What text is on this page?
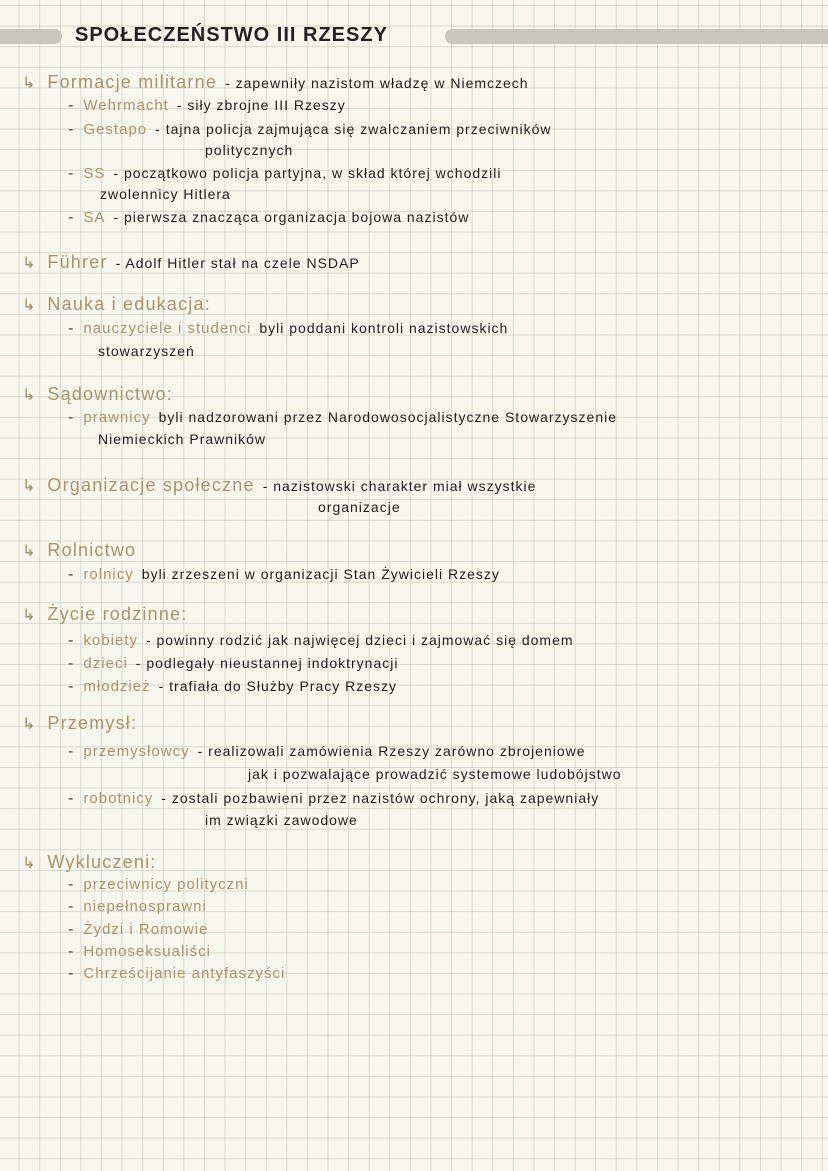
SPOŁECZEŃSTWO III RZESZY
↳ Formacje militarne - zapewniły nazistom władzę w Niemczech
- Wehrmacht - siły zbrojne III Rzeszy
- Gestapo - tajna policja zajmująca się zwalczaniem przeciwników
politycznych
- SS - początkowo policja partyjna, w skład której wchodzili
zwolennicy Hitlera
- SA - pierwsza znacząca organizacja bojowa nazistów
↳ Führer - Adolf Hitler stał na czele NSDAP
↳ Nauka i edukacja:
- nauczyciele i studenci byli poddani kontroli nazistowskich
stowarzyszeń
↳ Sądownictwo:
- prawnicy byli nadzorowani przez Narodowosocjalistyczne Stowarzyszenie
Niemieckich Prawników
↳ Organizacje społeczne - nazistowski charakter miał wszystkie
organizacje
↳ Rolnictwo
- rolnicy byli zrzeszeni w organizacji Stan Żywicieli Rzeszy
↳ Życie rodzinne:
- kobiety - powinny rodzić jak najwięcej dzieci i zajmować się domem
- dzieci - podlegały nieustannej indoktrynacji
- młodzież - trafiała do Służby Pracy Rzeszy
↳ Przemysł:
- przemysłowcy - realizowali zamówienia Rzeszy zarówno zbrojeniowe
jak i pozwalające prowadzić systemowe ludobójstwo
- robotnicy - zostali pozbawieni przez nazistów ochrony, jaką zapewniały
im związki zawodowe
↳ Wykluczeni:
- przeciwnicy polityczni
- niepełnosprawni
- Żydzi i Romowie
- Homoseksualiści
- Chrześcijanie antyfaszyści
